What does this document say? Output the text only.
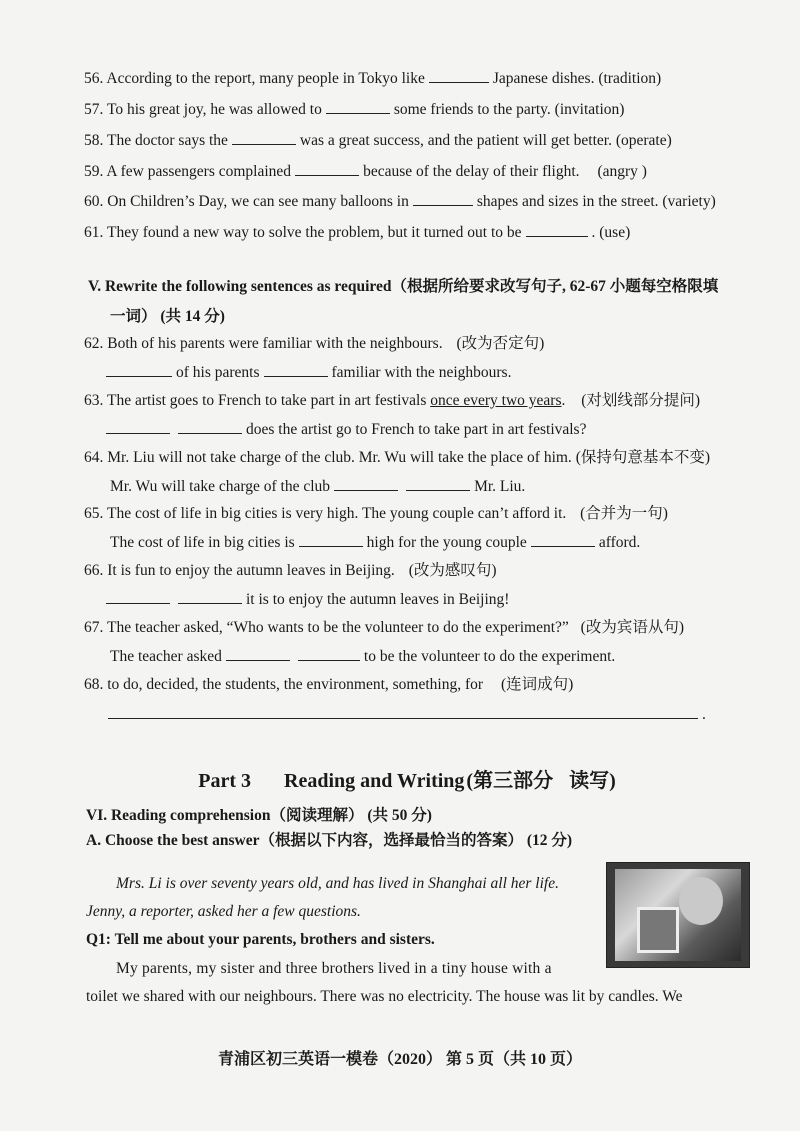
56. According to the report, many people in Tokyo like	Japanese dishes. (tradition)
57. To his great joy, he was allowed to	some friends to the party. (invitation)
58. The doctor says the	was a great success, and the patient will get better. (operate)
59. A few passengers complained	because of the delay of their flight. (angry )
60. On Children’s Day, we can see many balloons in	shapes and sizes in the street. (variety)
61. They found a new way to solve the problem, but it turned out to be	. (use)
V. Rewrite the following sentences as required（根据所给要求改写句子, 62-67 小题每空格限填
一词） (共 14 分)
62. Both of his parents were familiar with the neighbours. (改为否定句)
of his parents	familiar with the neighbours.
63. The artist goes to French to take part in art festivals once every two years. (对划线部分提问)
does the artist go to French to take part in art festivals?
64. Mr. Liu will not take charge of the club. Mr. Wu will take the place of him. (保持句意基本不变)
Mr. Wu will take charge of the club	Mr. Liu.
65. The cost of life in big cities is very high. The young couple can’t afford it. (合并为一句)
The cost of life in big cities is	high for the young couple	afford.
66. It is fun to enjoy the autumn leaves in Beijing. (改为感叹句)
it is to enjoy the autumn leaves in Beijing!
67. The teacher asked, “Who wants to be the volunteer to do the experiment?” (改为宾语从句)
The teacher asked	to be the volunteer to do the experiment.
68. to do, decided, the students, the environment, something, for (连词成句)
.
Part 3 Reading and Writing (第三部分 读写)
VI. Reading comprehension（阅读理解） (共 50 分)
A. Choose the best answer（根据以下内容，选择最恰当的答案） (12 分)
Mrs. Li is over seventy years old, and has lived in Shanghai all her life.
Jenny, a reporter, asked her a few questions.
Q1: Tell me about your parents, brothers and sisters.
My parents, my sister and three brothers lived in a tiny house with a
toilet we shared with our neighbours. There was no electricity. The house was lit by candles. We
青浦区初三英语一模卷（2020） 第 5 页（共 10 页）
